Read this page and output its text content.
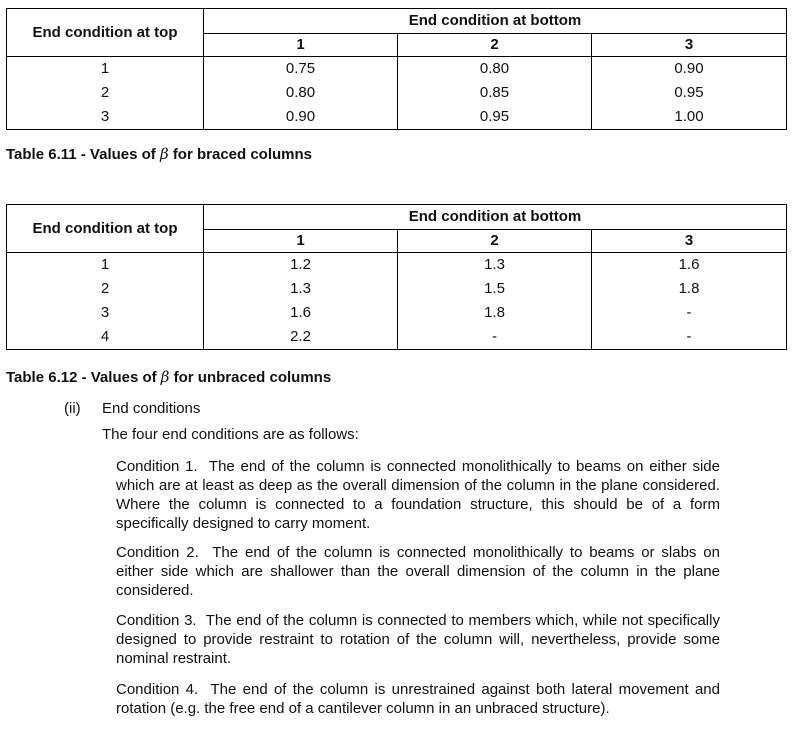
End condition at top	End condition at bottom		
	1	2	3
1	0.75	0.80	0.90
2	0.80	0.85	0.95
3	0.90	0.95	1.00
Table 6.11 - Values of β for braced columns
End condition at top	End condition at bottom		
	1	2	3
1	1.2	1.3	1.6
2	1.3	1.5	1.8
3	1.6	1.8	-
4	2.2	-	-
Table 6.12 - Values of β for unbraced columns
(ii) End conditions
The four end conditions are as follows:
Condition 1. The end of the column is connected monolithically to beams on either side which are at least as deep as the overall dimension of the column in the plane considered. Where the column is connected to a foundation structure, this should be of a form specifically designed to carry moment.
Condition 2. The end of the column is connected monolithically to beams or slabs on either side which are shallower than the overall dimension of the column in the plane considered.
Condition 3. The end of the column is connected to members which, while not specifically designed to provide restraint to rotation of the column will, nevertheless, provide some nominal restraint.
Condition 4. The end of the column is unrestrained against both lateral movement and rotation (e.g. the free end of a cantilever column in an unbraced structure).
